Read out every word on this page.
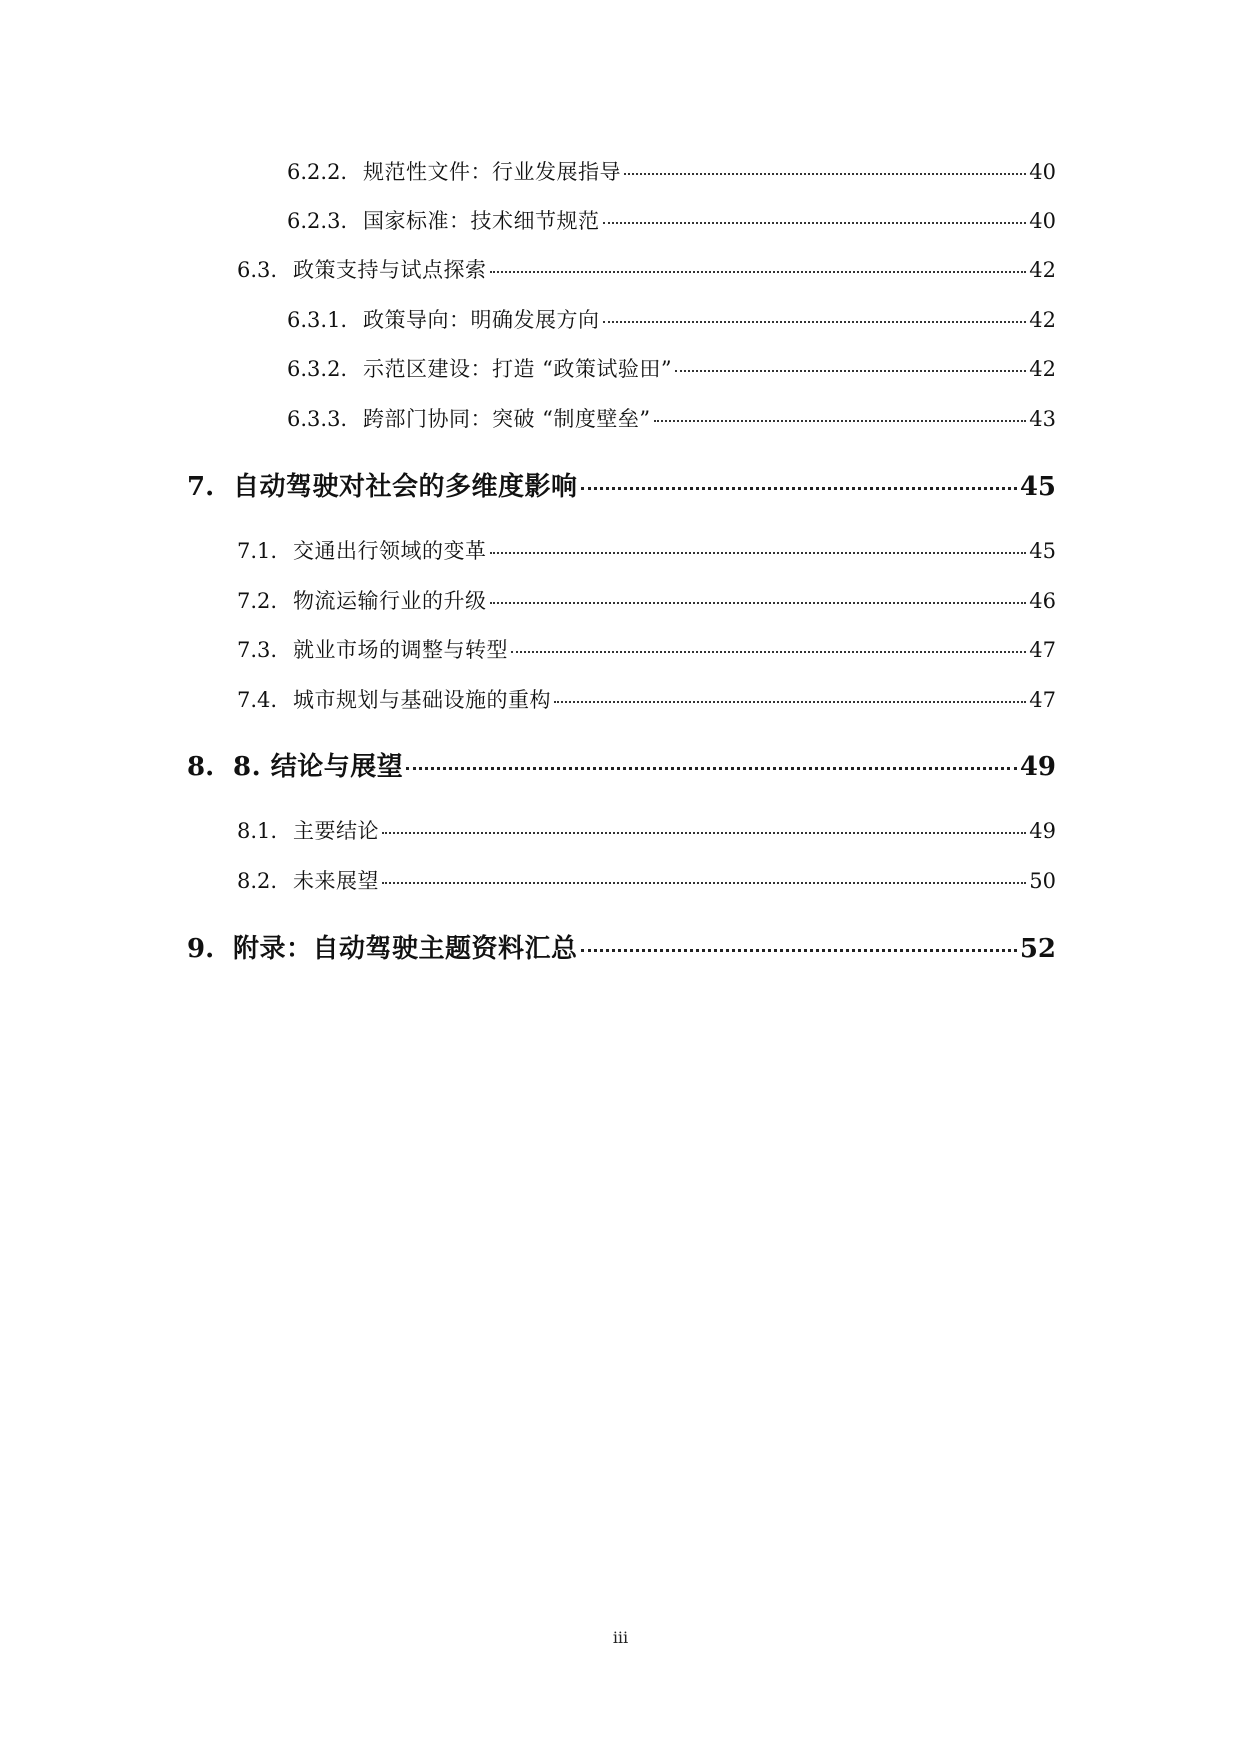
6.2.2. 规范性文件：行业发展指导	40
6.2.3. 国家标准：技术细节规范	40
6.3. 政策支持与试点探索	42
6.3.1. 政策导向：明确发展方向	42
6.3.2. 示范区建设：打造 “政策试验田”	42
6.3.3. 跨部门协同：突破 “制度壁垒”	43
7. 自动驾驶对社会的多维度影响	45
7.1. 交通出行领域的变革	45
7.2. 物流运输行业的升级	46
7.3. 就业市场的调整与转型	47
7.4. 城市规划与基础设施的重构	47
8. 8. 结论与展望	49
8.1. 主要结论	49
8.2. 未来展望	50
9. 附录：自动驾驶主题资料汇总	52
iii
